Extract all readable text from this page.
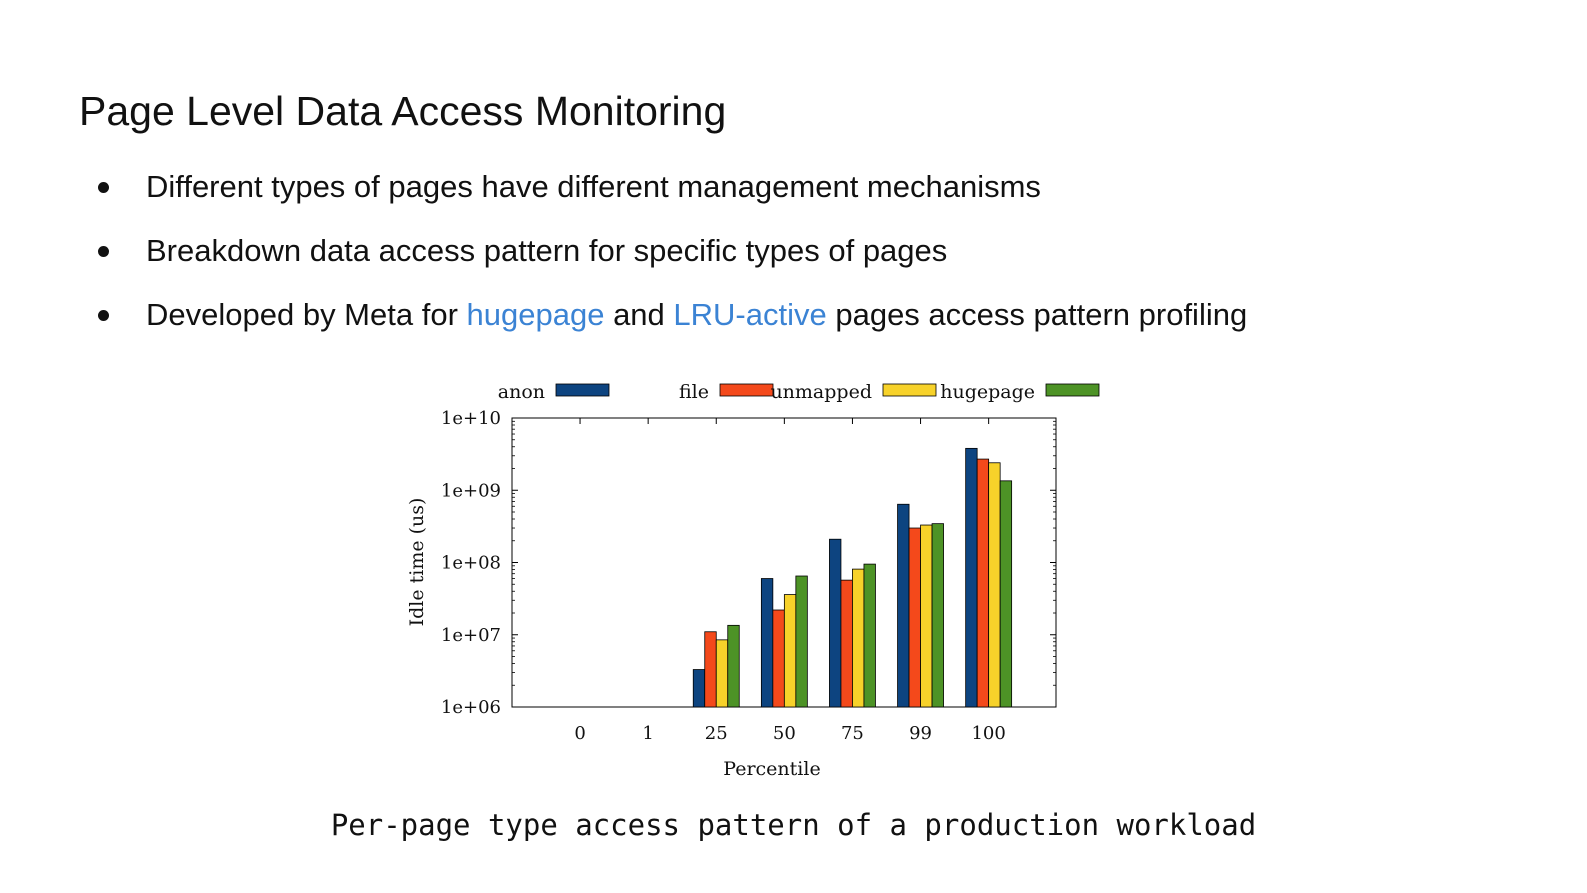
Page Level Data Access Monitoring
Different types of pages have different management mechanisms
Breakdown data access pattern for specific types of pages
Developed by Meta for hugepage and LRU-active pages access pattern profiling
1e+06
1e+07
1e+08
1e+09
1e+10
0	1	25	50	75	99 100
Percentile
Idle time (us)
anon	file	unmapped	hugepage
Per-page type access pattern of a production workload
